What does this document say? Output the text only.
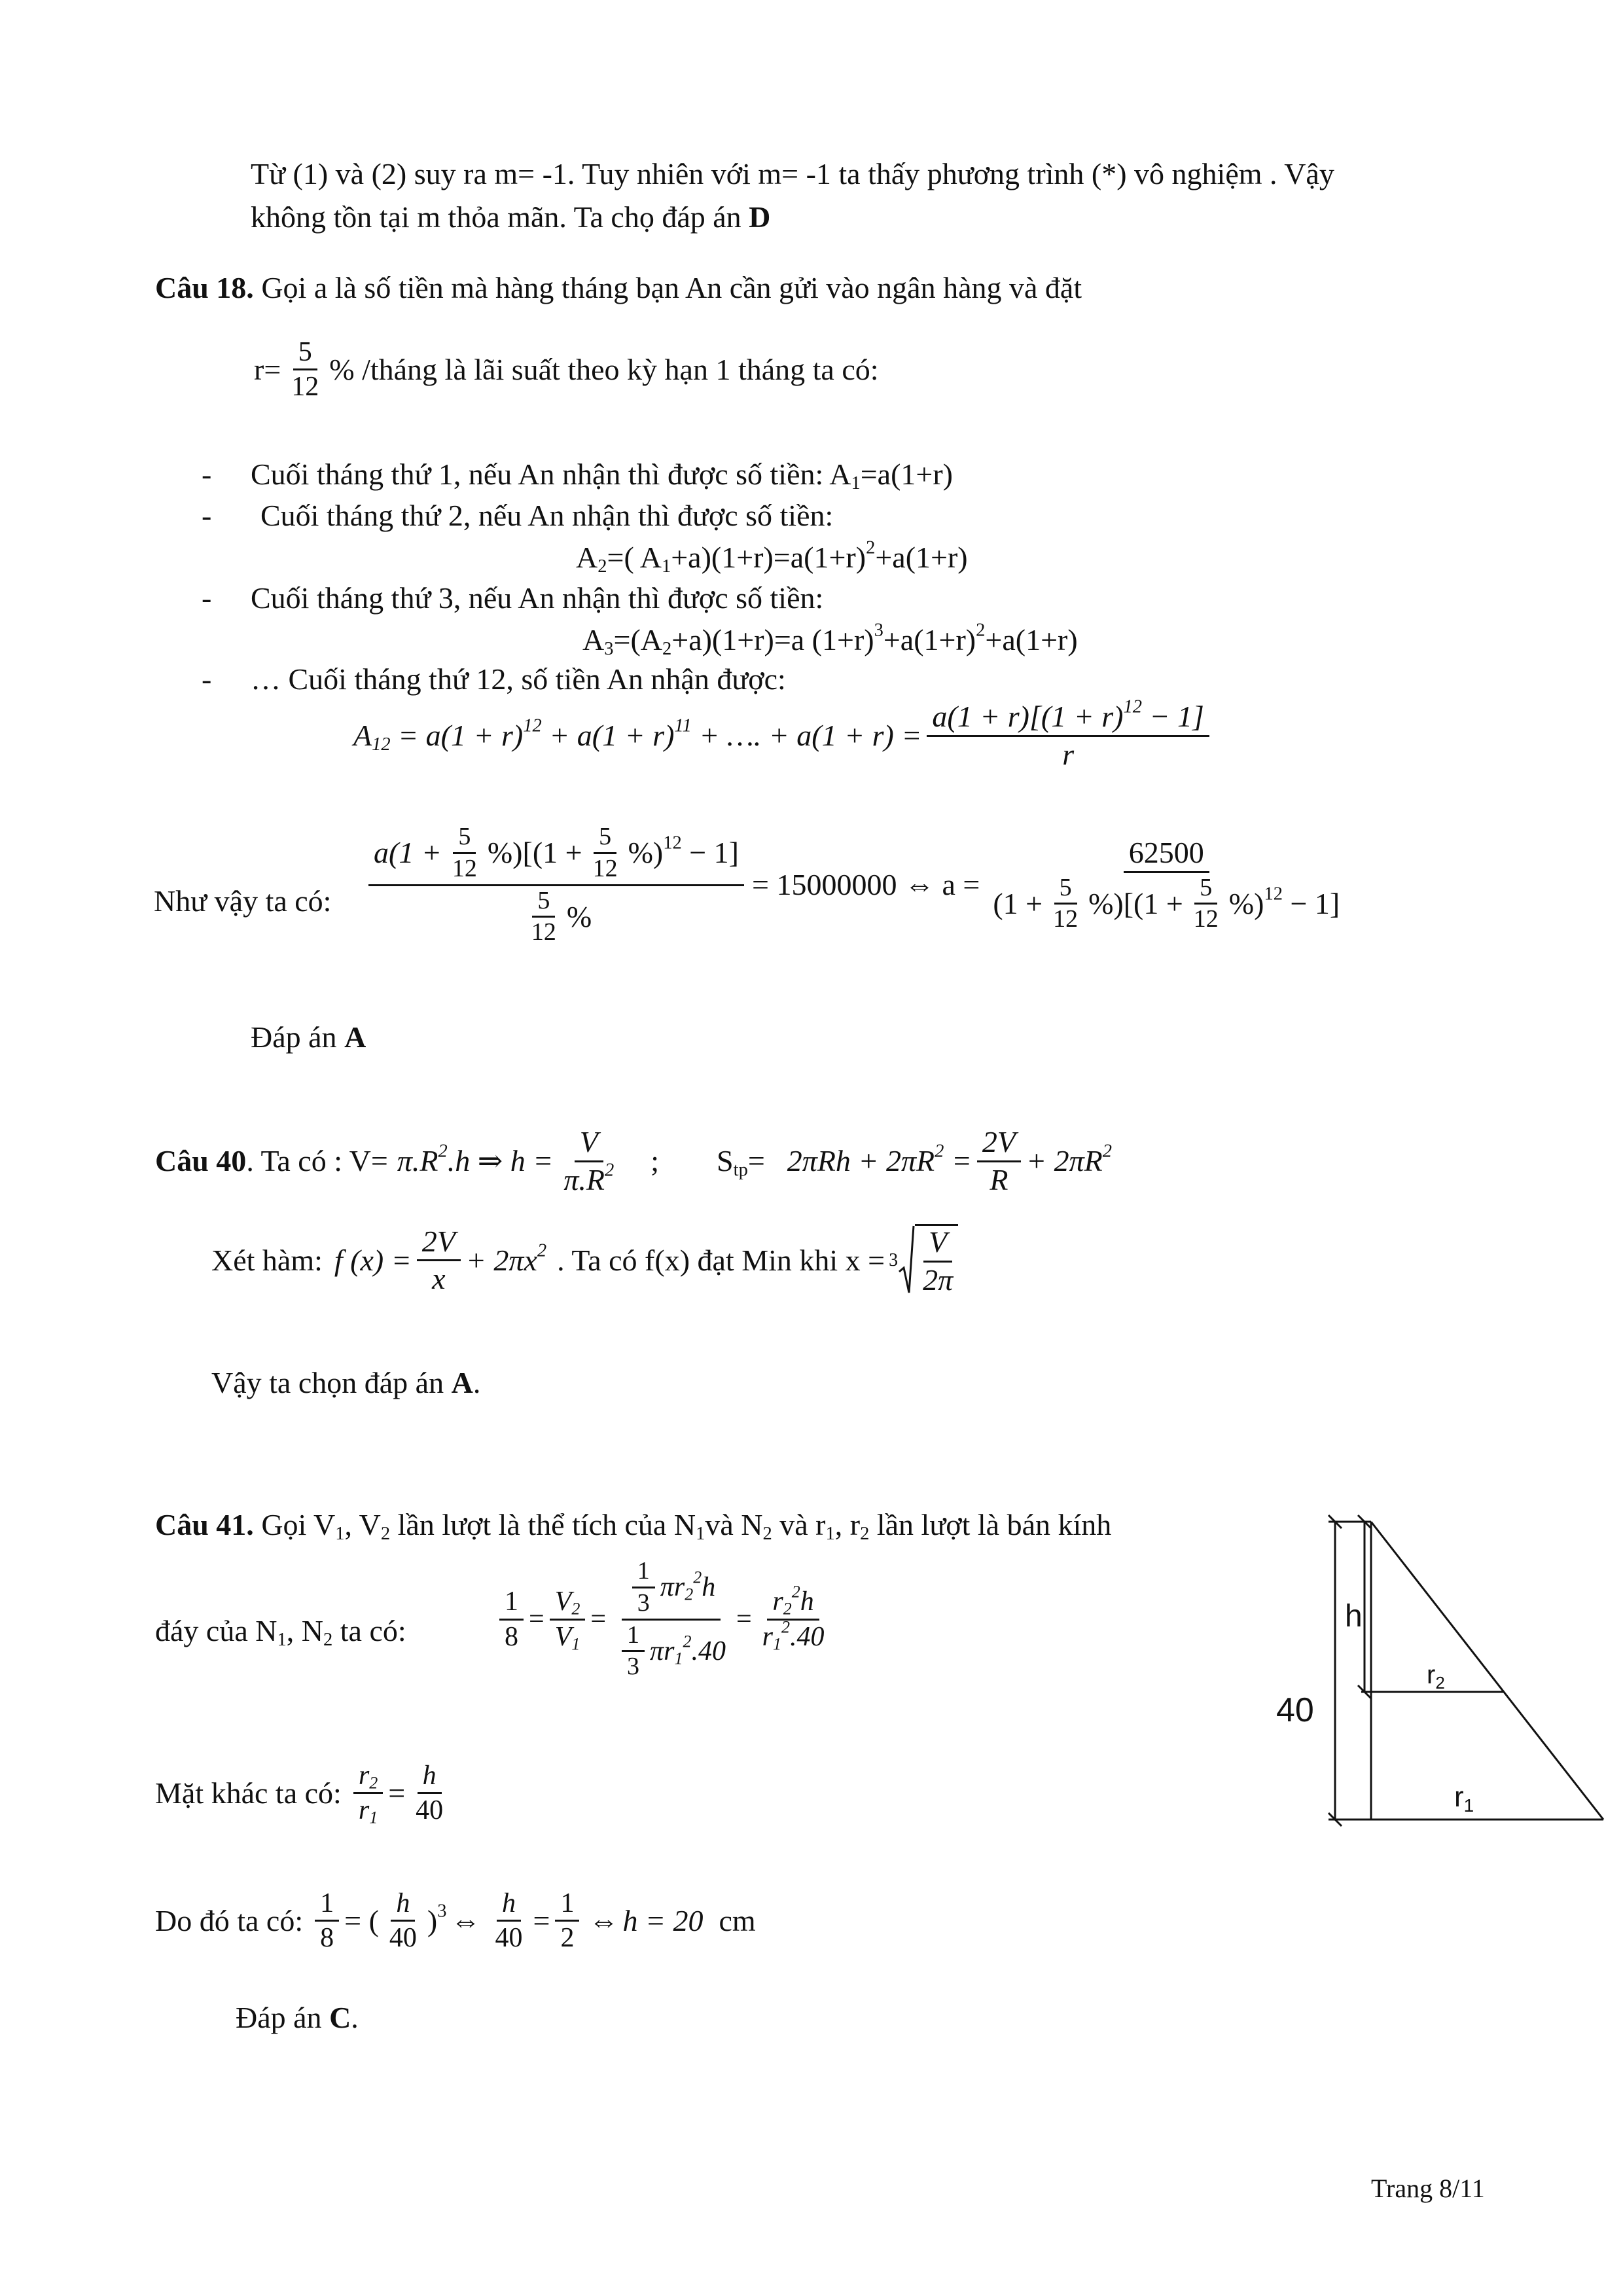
Từ (1) và (2) suy ra m= -1. Tuy nhiên với m= -1 ta thấy phương trình (*) vô nghiệm . Vậy
không tồn tại m thỏa mãn. Ta chọ đáp án D
Câu 18. Gọi a là số tiền mà hàng tháng bạn An cần gửi vào ngân hàng và đặt
$r= \frac{5}{12}$ % /tháng là lãi suất theo kỳ hạn 1 tháng ta có:
- Cuối tháng thứ 1, nếu An nhận thì được số tiền: $A_1=a(1+r)$
- Cuối tháng thứ 2, nếu An nhận thì được số tiền:
$A_2=$( $A_1+a)(1+r)=a(1+r)^2+a(1+r)$
- Cuối tháng thứ 3, nếu An nhận thì được số tiền:
$A_3=(A_2+a)(1+r)=a$ $(1+r)^3+a(1+r)^2+a(1+r)$
- … Cuối tháng thứ 12, số tiền An nhận được:
$A_{12} = a(1 + r)^{12} + a(1 + r)^{11}$ + …. + $a(1 + r) = \frac{a(1 + r)[(1 + r)^{12} - 1]}{r}$
Như vậy ta có: $\frac{a(1 + \frac{5}{12} \%)[(1 + \frac{5}{12} \%)^{12} - 1]}{\frac{5}{12} \%} = 15000000$ ⇔ $a = \frac{62500}{(1 + \frac{5}{12} \%)[(1 + \frac{5}{12} \%)^{12} - 1]}$
Đáp án A
Câu 40. Ta có : $V= \pi.R^2.h$ ⇒ $h = \frac{V}{\pi.R^2}$ ; $S_{tp}= 2\pi Rh + 2\pi R^2 = \frac{2V}{R} + 2\pi R^2$
Xét hàm: f $(x) = \frac{2V}{x} + 2\pi x^2$ . Ta có f(x) đạt Min khi $x = 3 \frac{V}{2\pi}$
Vậy ta chọn đáp án A.
Câu 41. Gọi $V_1$, $V_2$ lần lượt là thể tích của $N_1và$ $N_2$ và $r_1$, $r_2$ lần lượt là bán kính
đáy của $N_1$, $N_2$ ta có:	$\frac{1}{8} = \frac{V_2}{V_1} = \frac{\frac{1}{3} \pi r_2^2h}{\frac{1}{3} \pi r_1^2.40} = \frac{r_2^2h}{r_1^2.40}$
Mặt khác ta có: $\frac{r_2}{r_1} = \frac{h}{40}$
Do đó ta có: $\frac{1}{8}$ = ( $\frac{h}{40} )^3$ ⇔ $\frac{h}{40} = \frac{1}{2}$ ⇔ h = 20 cm
Đáp án C.
h
40
$r_2$
r1
Trang 8/11
